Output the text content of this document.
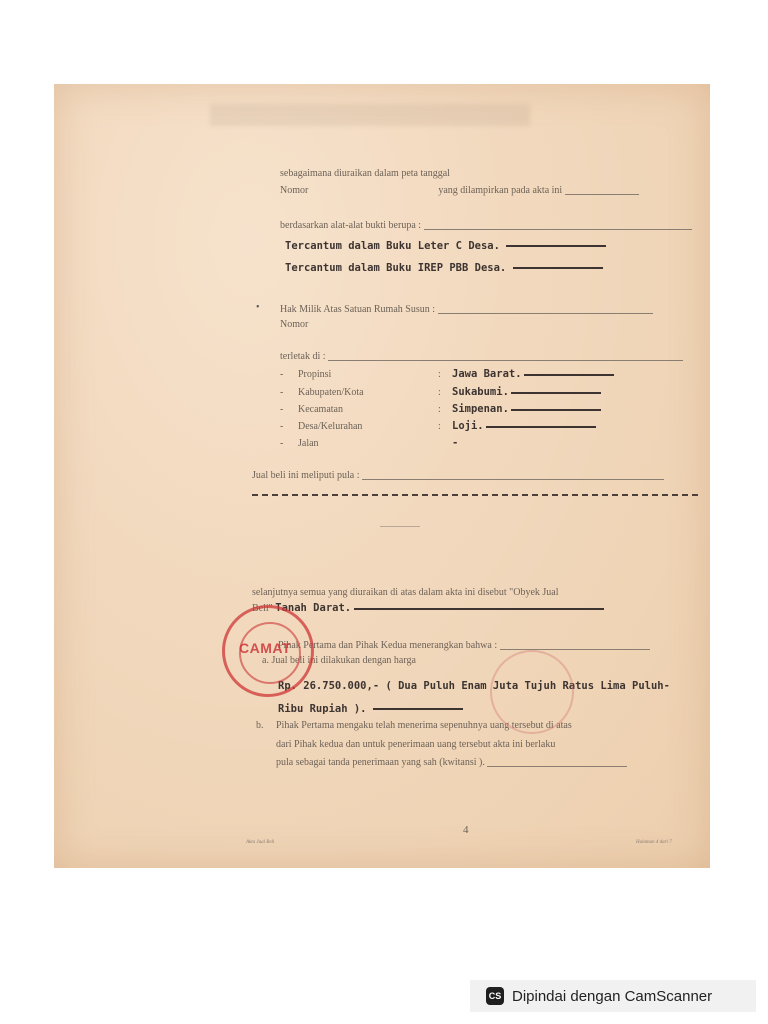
sebagaimana diuraikan dalam peta tanggal
Nomor	yang dilampirkan pada akta ini
berdasarkan alat-alat bukti berupa :
Tercantum dalam Buku Leter C Desa.
Tercantum dalam Buku IREP PBB Desa.
• Hak Milik Atas Satuan Rumah Susun :
Nomor
terletak di :
- Propinsi	: Jawa Barat.
- Kabupaten/Kota	: Sukabumi.
- Kecamatan	: Simpenan.
- Desa/Kelurahan	: Loji.
- Jalan	-
Jual beli ini meliputi pula :
selanjutnya semua yang diuraikan di atas dalam akta ini disebut "Obyek Jual
Beli" Tanah Darat.
Pihak Pertama dan Pihak Kedua menerangkan bahwa :
a. Jual beli ini dilakukan dengan harga
Rp. 26.750.000,- ( Dua Puluh Enam Juta Tujuh Ratus Lima Puluh-
Ribu Rupiah ).
b. Pihak Pertama mengaku telah menerima sepenuhnya uang tersebut di atas
dari Pihak kedua dan untuk penerimaan uang tersebut akta ini berlaku
pula sebagai tanda penerimaan yang sah (kwitansi ).
CAMAT
4
Akta Jual Beli	Halaman 4 dari 7
CS Dipindai dengan CamScanner
